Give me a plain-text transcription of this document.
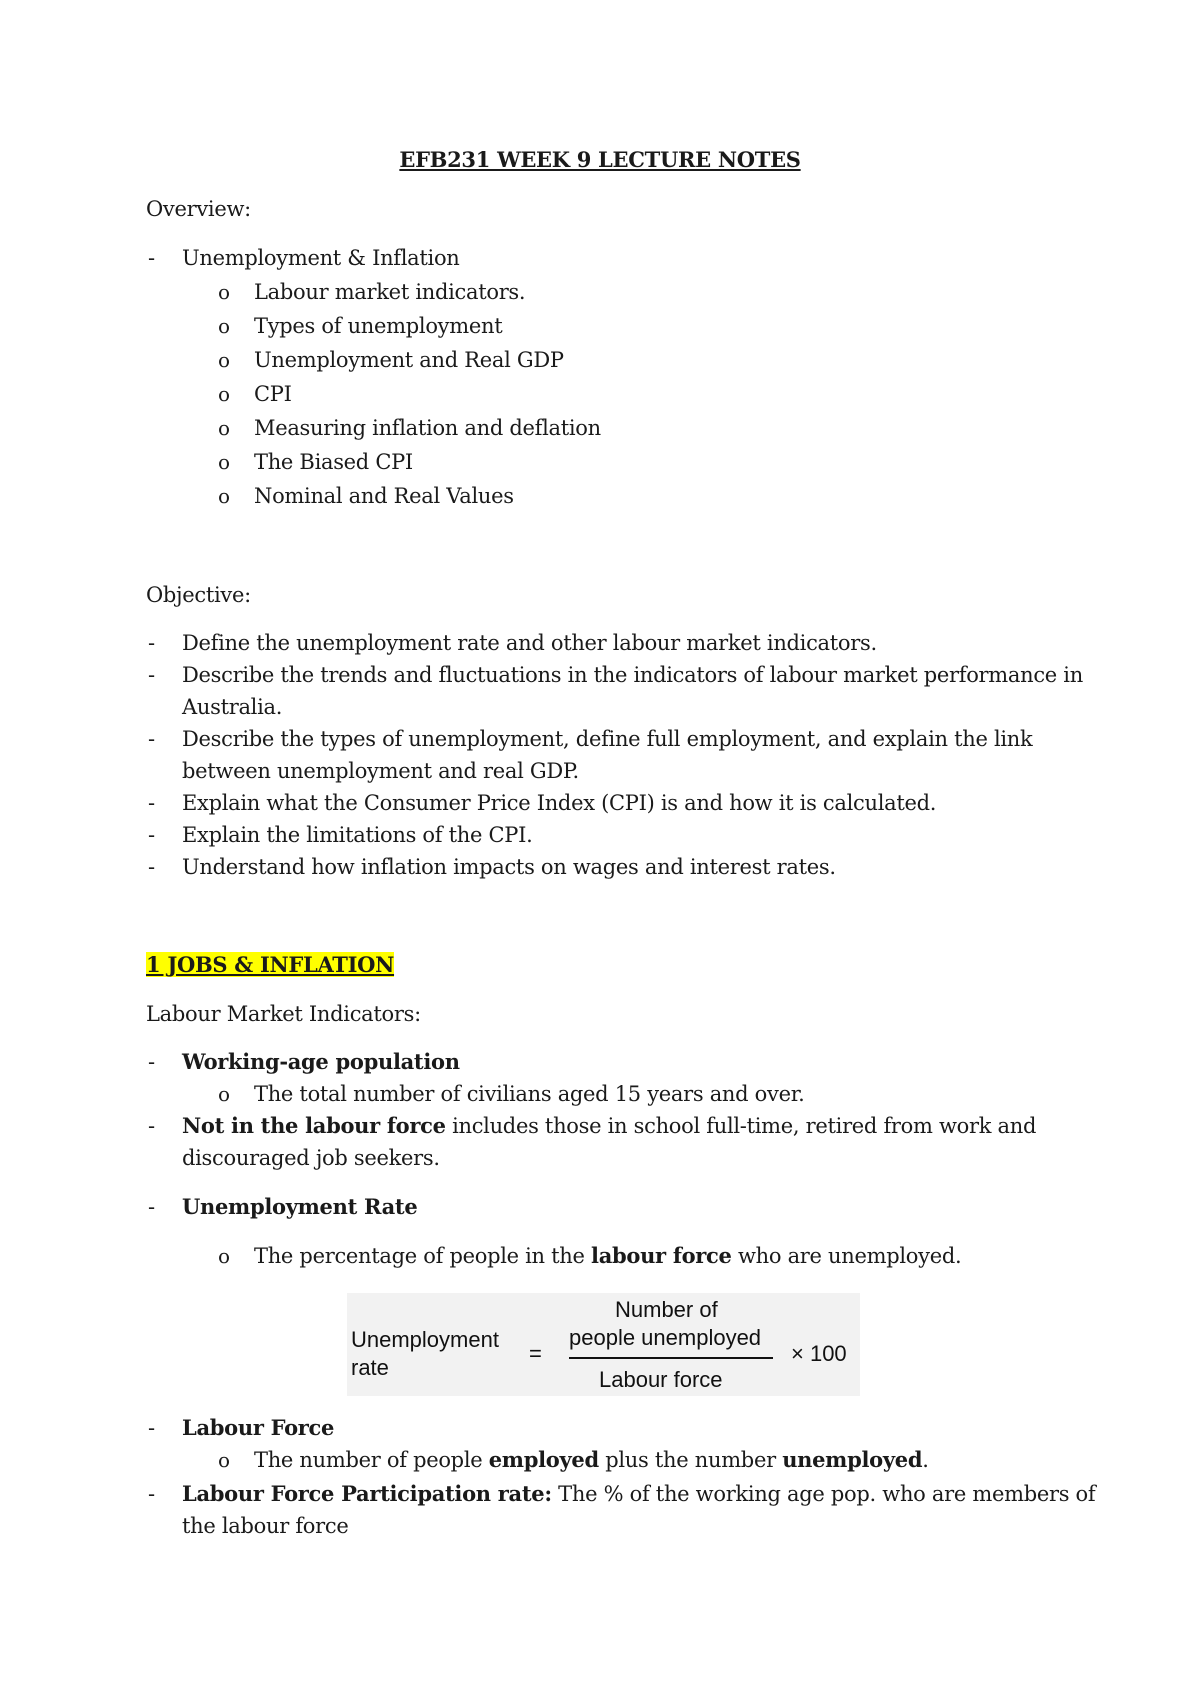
EFB231 WEEK 9 LECTURE NOTES
Overview:
- Unemployment & Inflation
o Labour market indicators.
o Types of unemployment
o Unemployment and Real GDP
o CPI
o Measuring inflation and deflation
o The Biased CPI
o Nominal and Real Values
Objective:
- Define the unemployment rate and other labour market indicators.
- Describe the trends and fluctuations in the indicators of labour market performance in
Australia.
- Describe the types of unemployment, define full employment, and explain the link
between unemployment and real GDP.
- Explain what the Consumer Price Index (CPI) is and how it is calculated.
- Explain the limitations of the CPI.
- Understand how inflation impacts on wages and interest rates.
1 JOBS & INFLATION
Labour Market Indicators:
- Working-age population
o The total number of civilians aged 15 years and over.
- Not in the labour force includes those in school full-time, retired from work and
discouraged job seekers.
- Unemployment Rate
o The percentage of people in the labour force who are unemployed.
Unemployment
rate
=
Number of
people unemployed
Labour force
× 100
- Labour Force
o The number of people employed plus the number unemployed.
- Labour Force Participation rate: The % of the working age pop. who are members of
the labour force
